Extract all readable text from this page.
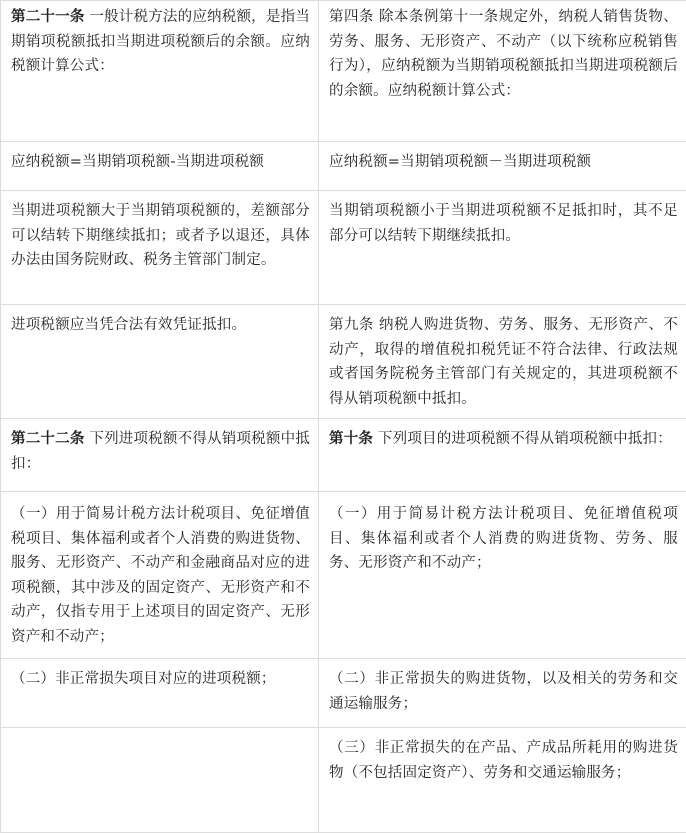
第二十一条 一般计税方法的应纳税额，是指当期销项税额抵扣当期进项税额后的余额。应纳税额计算公式：	第四条 除本条例第十一条规定外，纳税人销售货物、劳务、服务、无形资产、不动产（以下统称应税销售行为），应纳税额为当期销项税额抵扣当期进项税额后的余额。应纳税额计算公式：

应纳税额=当期销项税额-当期进项税额	应纳税额=当期销项税额－当期进项税额

当期进项税额大于当期销项税额的，差额部分可以结转下期继续抵扣；或者予以退还，具体办法由国务院财政、税务主管部门制定。	当期销项税额小于当期进项税额不足抵扣时，其不足部分可以结转下期继续抵扣。

进项税额应当凭合法有效凭证抵扣。	第九条 纳税人购进货物、劳务、服务、无形资产、不动产，取得的增值税扣税凭证不符合法律、行政法规或者国务院税务主管部门有关规定的，其进项税额不得从销项税额中抵扣。

第二十二条 下列进项税额不得从销项税额中抵扣：	第十条 下列项目的进项税额不得从销项税额中抵扣：

（一）用于简易计税方法计税项目、免征增值税项目、集体福利或者个人消费的购进货物、服务、无形资产、不动产和金融商品对应的进项税额，其中涉及的固定资产、无形资产和不动产，仅指专用于上述项目的固定资产、无形资产和不动产；	（一）用于简易计税方法计税项目、免征增值税项目、集体福利或者个人消费的购进货物、劳务、服务、无形资产和不动产；

（二）非正常损失项目对应的进项税额；	（二）非正常损失的购进货物，以及相关的劳务和交通运输服务；

	（三）非正常损失的在产品、产成品所耗用的购进货物（不包括固定资产）、劳务和交通运输服务；
